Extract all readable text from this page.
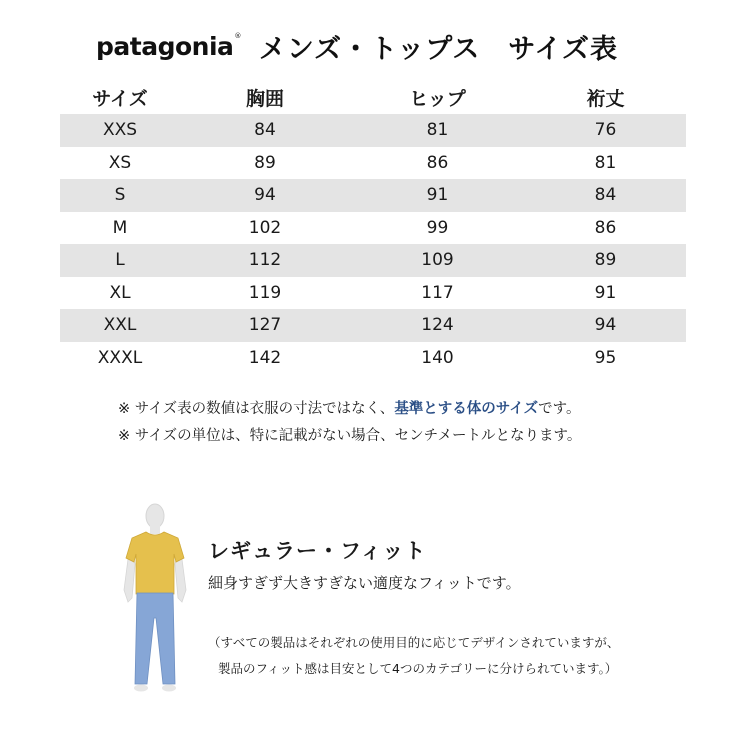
patagonia® メンズ・トップス　サイズ表
サイズ	胸囲	ヒップ	裄丈
XXS	84	81	76
XS	89	86	81
S	94	91	84
M	102	99	86
L	112	109	89
XL	119	117	91
XXL	127	124	94
XXXL	142	140	95
※ サイズ表の数値は衣服の寸法ではなく、基準とする体のサイズです。
※ サイズの単位は、特に記載がない場合、センチメートルとなります。
レギュラー・フィット
細身すぎず大きすぎない適度なフィットです。
（すべての製品はそれぞれの使用目的に応じてデザインされていますが、
製品のフィット感は目安として4つのカテゴリーに分けられています。）
